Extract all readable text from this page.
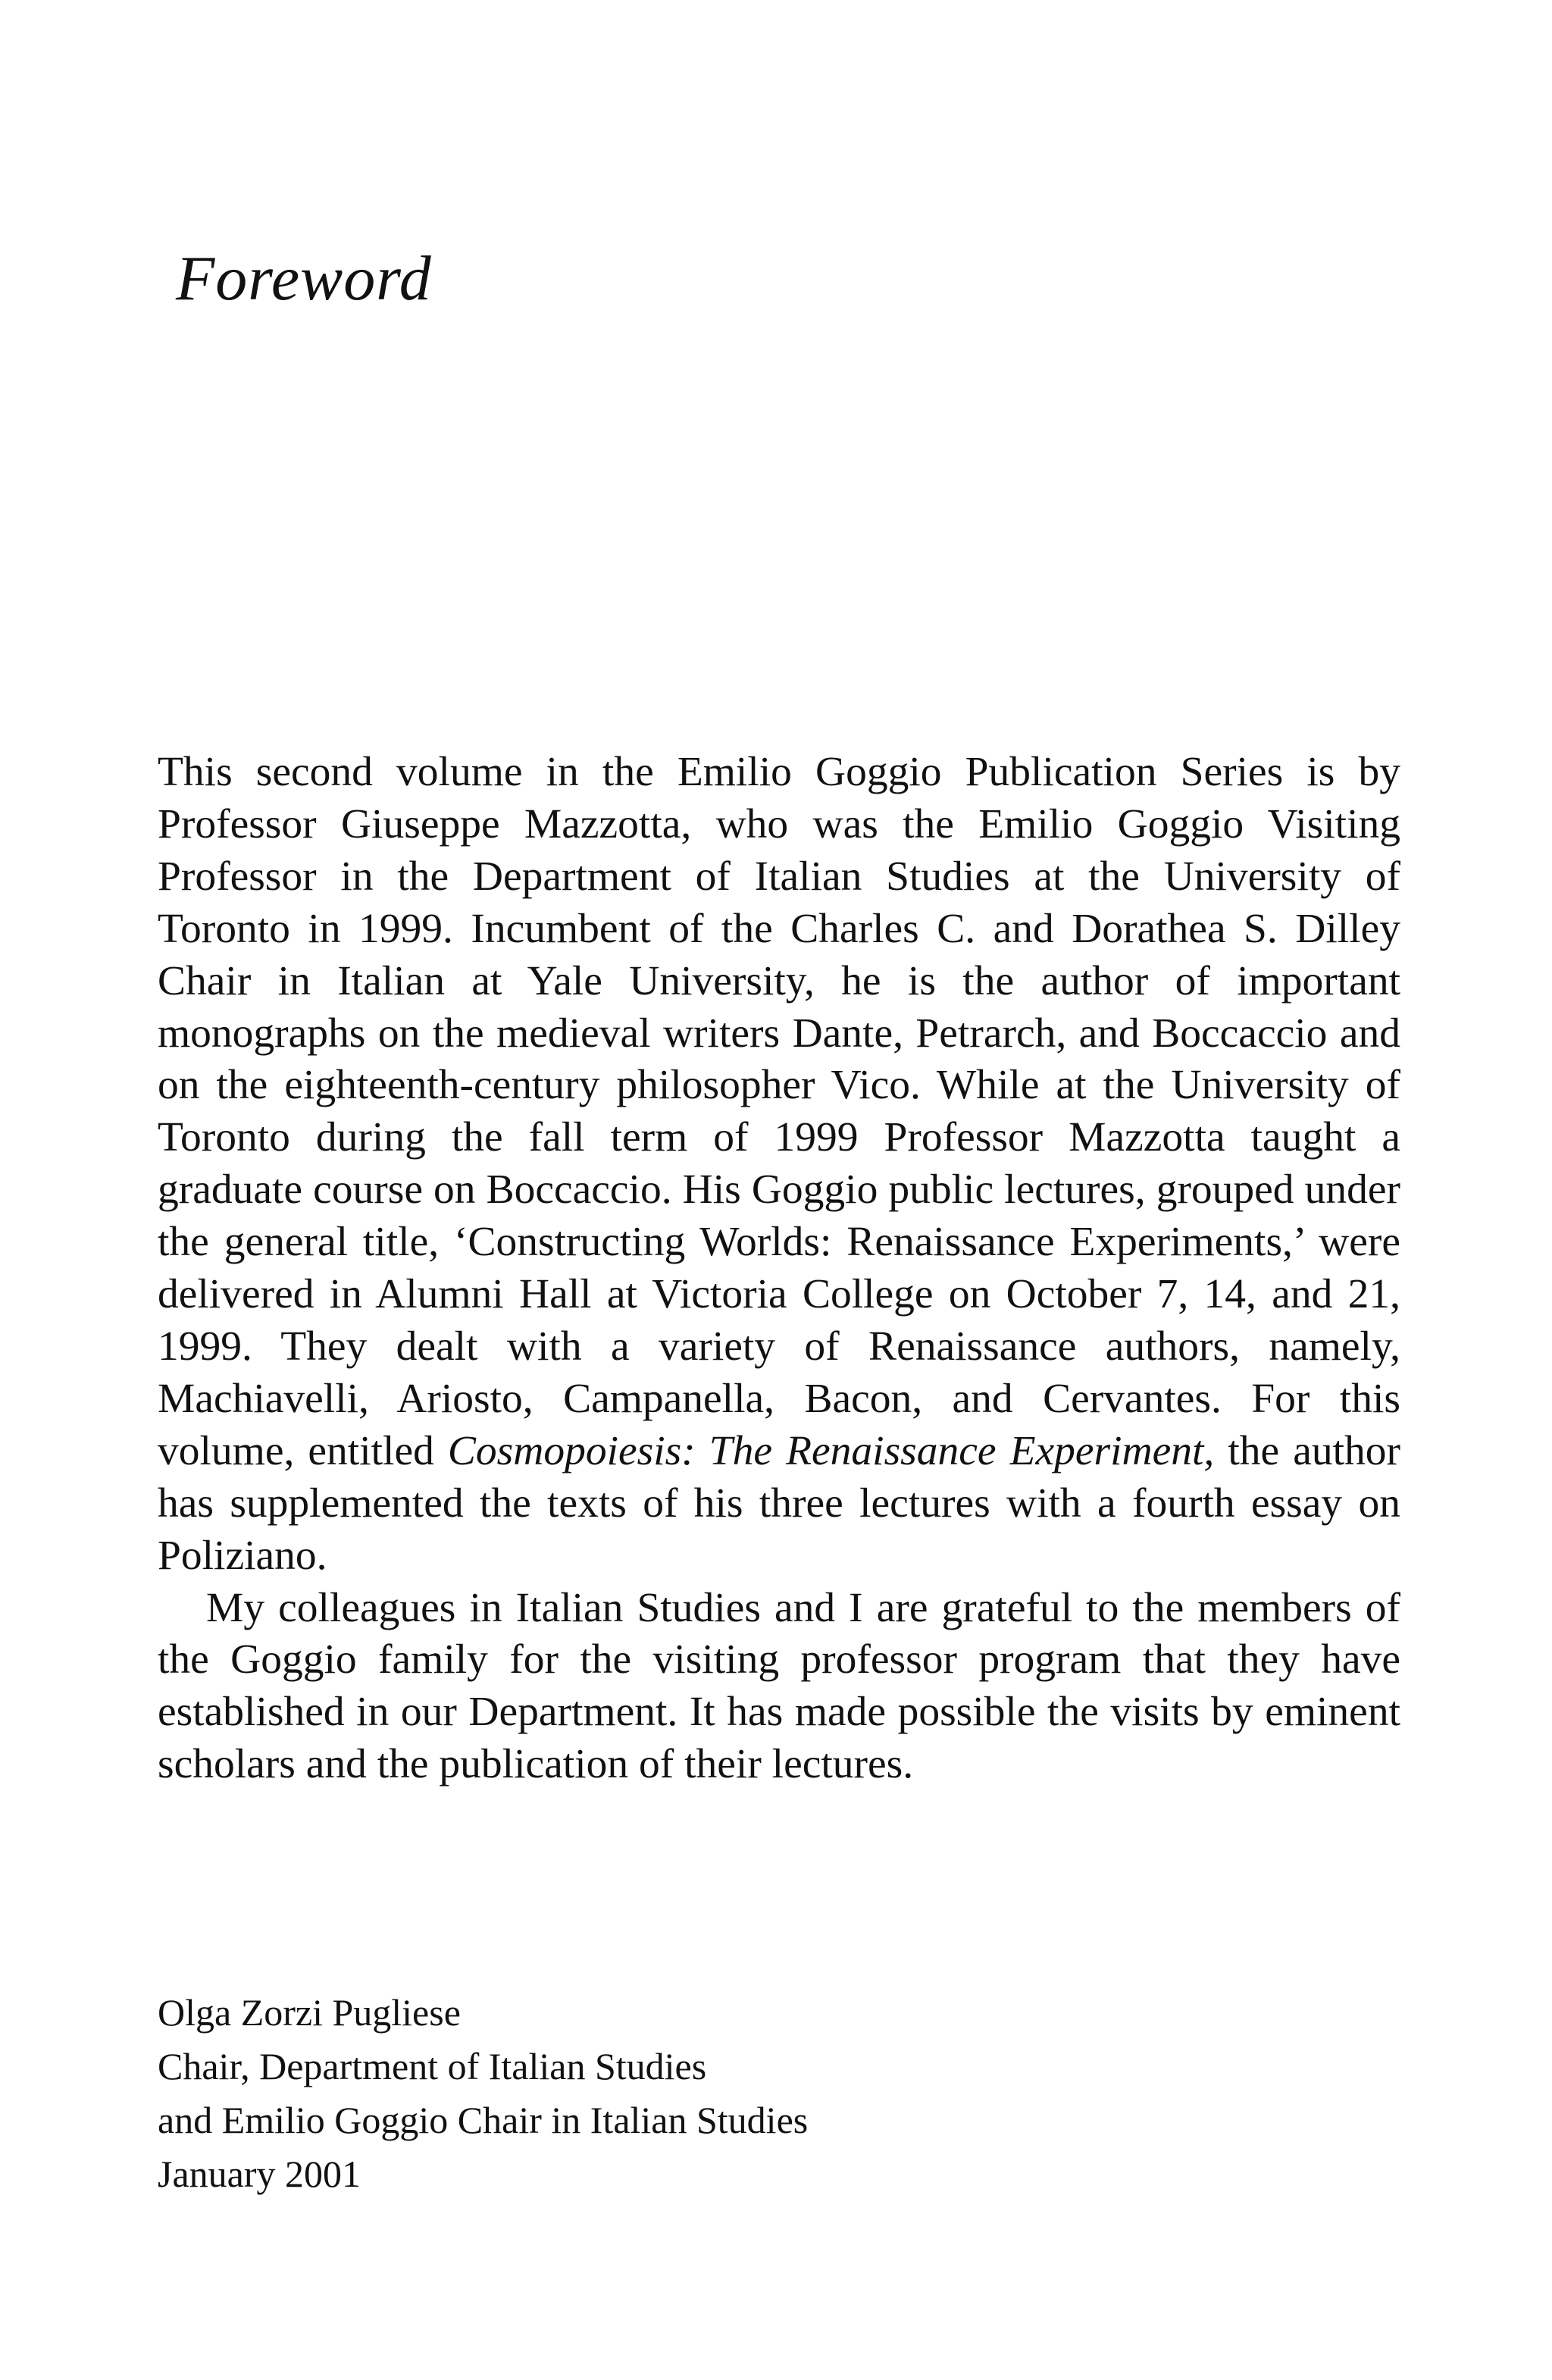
Foreword

This second volume in the Emilio Goggio Publication Series is by Professor Giuseppe Mazzotta, who was the Emilio Goggio Visiting Professor in the Department of Italian Studies at the University of Toronto in 1999. Incumbent of the Charles C. and Dorathea S. Dilley Chair in Italian at Yale University, he is the author of important monographs on the medieval writers Dante, Petrarch, and Boccaccio and on the eighteenth-century philosopher Vico. While at the University of Toronto during the fall term of 1999 Professor Mazzotta taught a graduate course on Boccaccio. His Goggio public lectures, grouped under the general title, ‘Constructing Worlds: Renaissance Experiments,’ were delivered in Alumni Hall at Victoria College on October 7, 14, and 21, 1999. They dealt with a variety of Renaissance authors, namely, Machiavelli, Ariosto, Campanella, Bacon, and Cervantes. For this volume, entitled Cosmopoiesis: The Renaissance Experiment, the author has supplemented the texts of his three lectures with a fourth essay on Poliziano.

My colleagues in Italian Studies and I are grateful to the members of the Goggio family for the visiting professor program that they have established in our Department. It has made possible the visits by eminent scholars and the publication of their lectures.

Olga Zorzi Pugliese
Chair, Department of Italian Studies
and Emilio Goggio Chair in Italian Studies
January 2001
